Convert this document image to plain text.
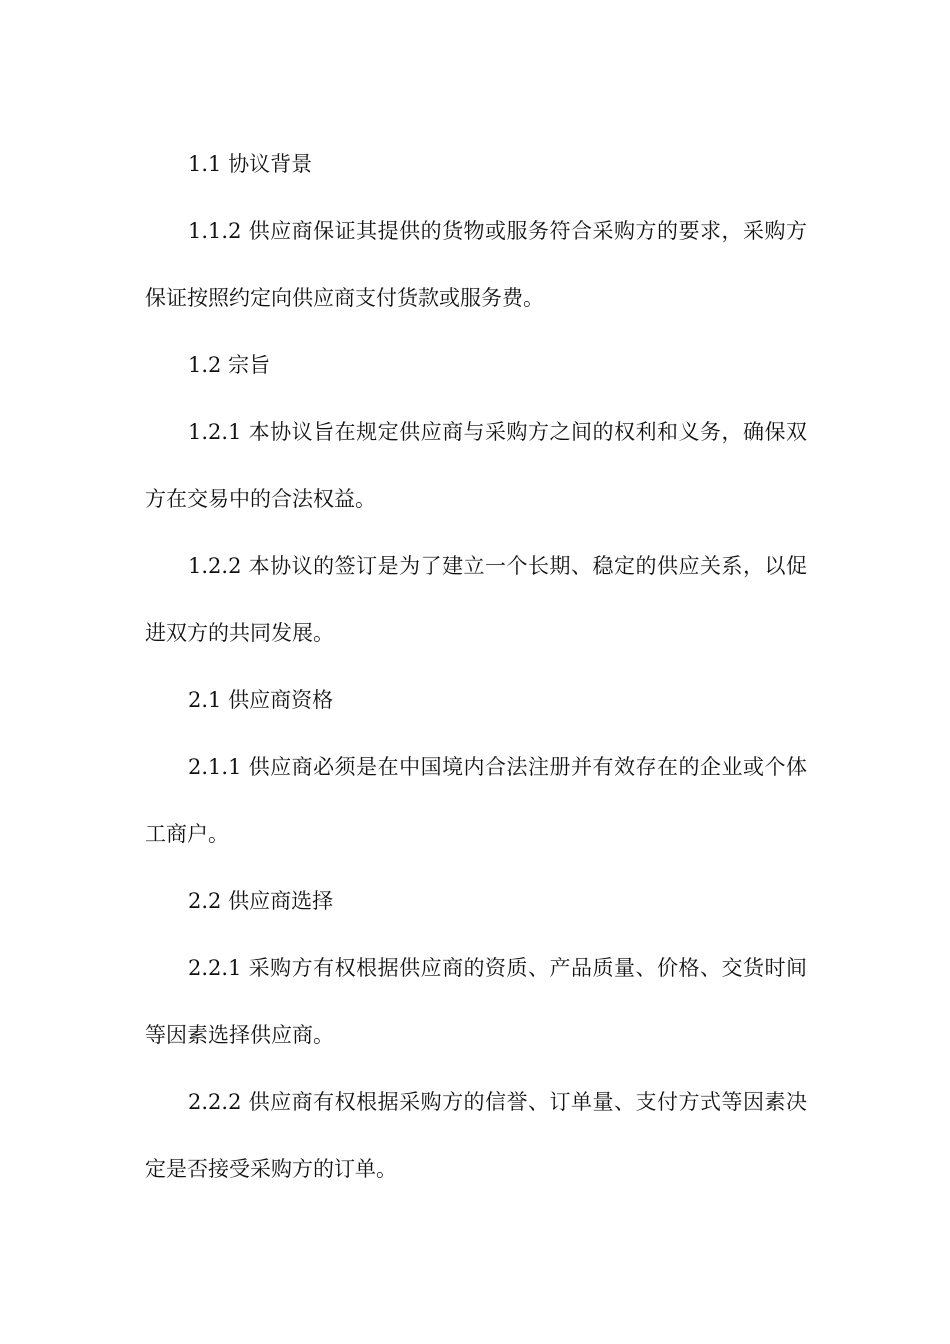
1.1 协议背景

1.1.2 供应商保证其提供的货物或服务符合采购方的要求，采购方保证按照约定向供应商支付货款或服务费。

1.2 宗旨

1.2.1 本协议旨在规定供应商与采购方之间的权利和义务，确保双方在交易中的合法权益。

1.2.2 本协议的签订是为了建立一个长期、稳定的供应关系，以促进双方的共同发展。

2.1 供应商资格

2.1.1 供应商必须是在中国境内合法注册并有效存在的企业或个体工商户。

2.2 供应商选择

2.2.1 采购方有权根据供应商的资质、产品质量、价格、交货时间等因素选择供应商。

2.2.2 供应商有权根据采购方的信誉、订单量、支付方式等因素决定是否接受采购方的订单。
